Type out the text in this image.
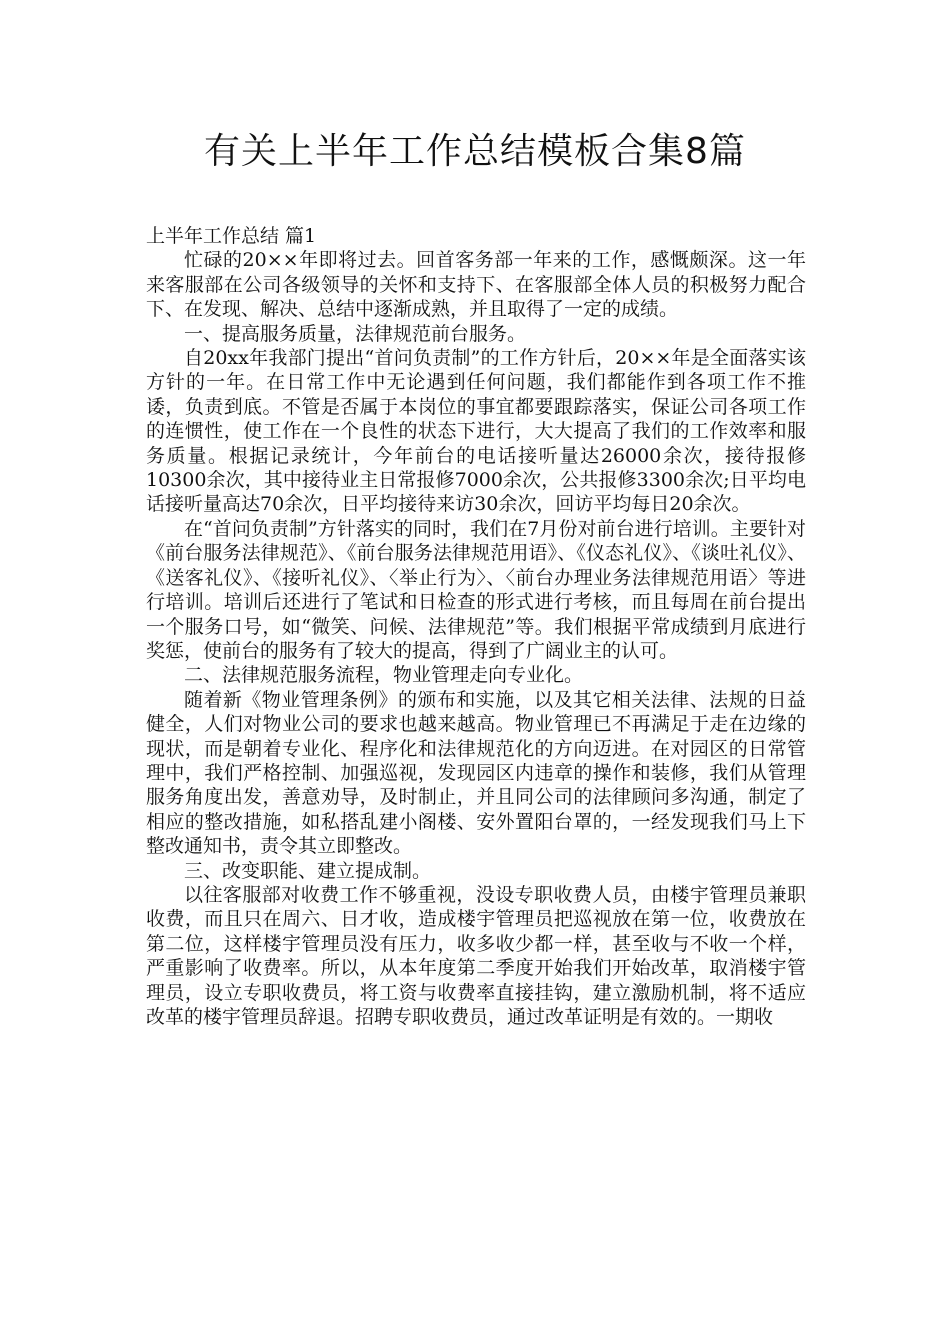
有关上半年工作总结模板合集8篇

上半年工作总结 篇1

忙碌的20××年即将过去。回首客务部一年来的工作，感慨颇深。这一年来客服部在公司各级领导的关怀和支持下、在客服部全体人员的积极努力配合下、在发现、解决、总结中逐渐成熟，并且取得了一定的成绩。

一、提高服务质量，法律规范前台服务。

自20xx年我部门提出“首问负责制”的工作方针后，20××年是全面落实该方针的一年。在日常工作中无论遇到任何问题，我们都能作到各项工作不推诿，负责到底。不管是否属于本岗位的事宜都要跟踪落实，保证公司各项工作的连惯性，使工作在一个良性的状态下进行，大大提高了我们的工作效率和服务质量。根据记录统计，今年前台的电话接听量达26000余次，接待报修10300余次，其中接待业主日常报修7000余次，公共报修3300余次;日平均电话接听量高达70余次，日平均接待来访30余次，回访平均每日20余次。

在“首问负责制”方针落实的同时，我们在7月份对前台进行培训。主要针对《前台服务法律规范》、《前台服务法律规范用语》、《仪态礼仪》、《谈吐礼仪》、《送客礼仪》、《接听礼仪》、〈举止行为〉、〈前台办理业务法律规范用语〉等进行培训。培训后还进行了笔试和日检查的形式进行考核，而且每周在前台提出一个服务口号，如“微笑、问候、法律规范”等。我们根据平常成绩到月底进行奖惩，使前台的服务有了较大的提高，得到了广阔业主的认可。

二、法律规范服务流程，物业管理走向专业化。

随着新《物业管理条例》的颁布和实施，以及其它相关法律、法规的日益健全，人们对物业公司的要求也越来越高。物业管理已不再满足于走在边缘的现状，而是朝着专业化、程序化和法律规范化的方向迈进。在对园区的日常管理中，我们严格控制、加强巡视，发现园区内违章的操作和装修，我们从管理服务角度出发，善意劝导，及时制止，并且同公司的法律顾问多沟通，制定了相应的整改措施，如私搭乱建小阁楼、安外置阳台罩的，一经发现我们马上下整改通知书，责令其立即整改。

三、改变职能、建立提成制。

以往客服部对收费工作不够重视，没设专职收费人员，由楼宇管理员兼职收费，而且只在周六、日才收，造成楼宇管理员把巡视放在第一位，收费放在第二位，这样楼宇管理员没有压力，收多收少都一样，甚至收与不收一个样，严重影响了收费率。所以，从本年度第二季度开始我们开始改革，取消楼宇管理员，设立专职收费员，将工资与收费率直接挂钩，建立激励机制，将不适应改革的楼宇管理员辞退。招聘专职收费员，通过改革证明是有效的。一期收
